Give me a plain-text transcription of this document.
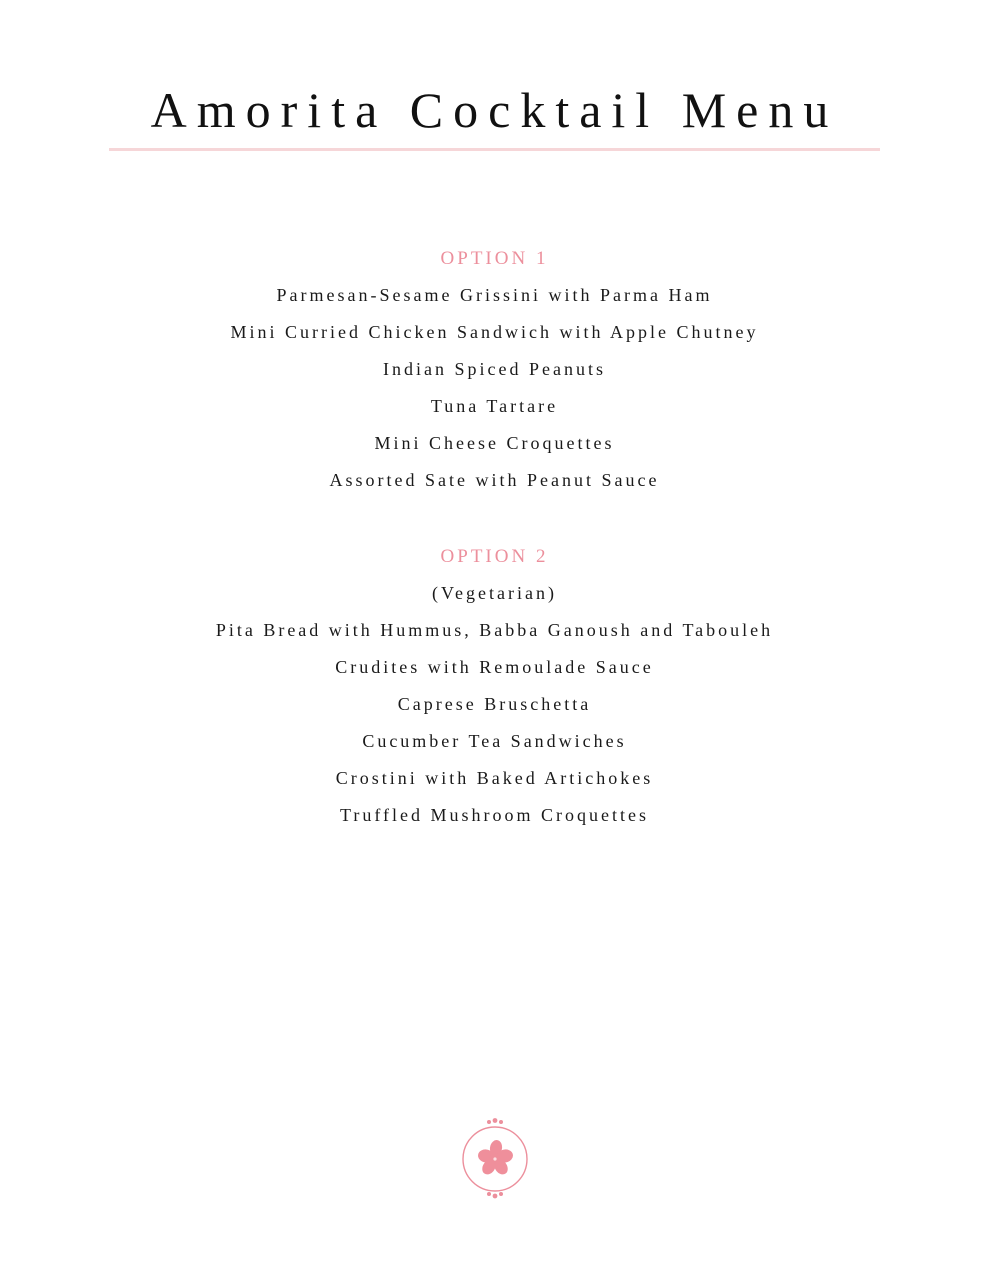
Amorita Cocktail Menu
OPTION 1

Parmesan-Sesame Grissini with Parma Ham

Mini Curried Chicken Sandwich with Apple Chutney

Indian Spiced Peanuts

Tuna Tartare

Mini Cheese Croquettes

Assorted Sate with Peanut Sauce

OPTION 2

(Vegetarian)

Pita Bread with Hummus, Babba Ganoush and Tabouleh

Crudites with Remoulade Sauce

Caprese Bruschetta

Cucumber Tea Sandwiches

Crostini with Baked Artichokes

Truffled Mushroom Croquettes
